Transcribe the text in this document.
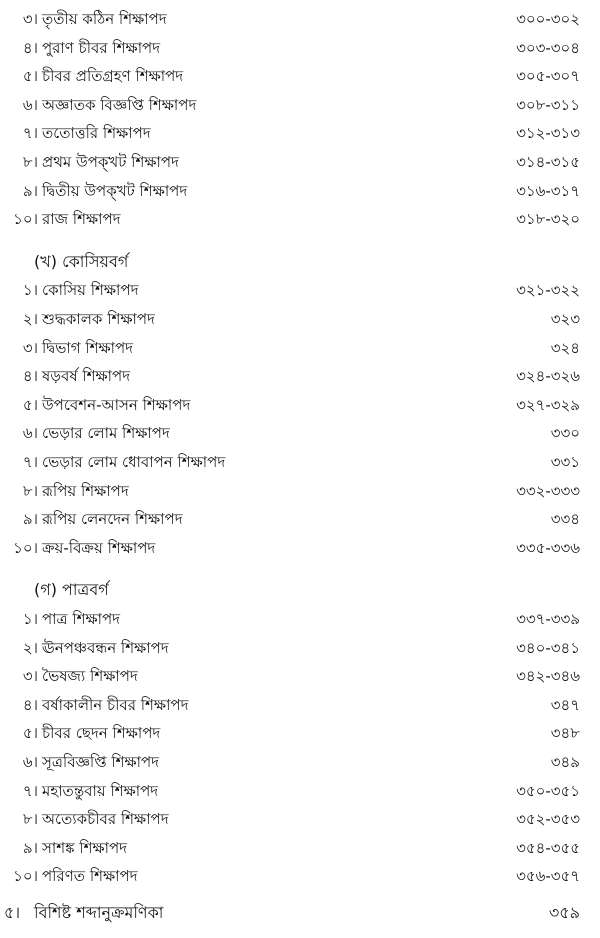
৩। তৃতীয় কঠিন শিক্ষাপদ	৩০০-৩০২
৪। পুরাণ চীবর শিক্ষাপদ	৩০৩-৩০৪
৫। চীবর প্রতিগ্রহণ শিক্ষাপদ	৩০৫-৩০৭
৬। অজ্ঞাতক বিজ্ঞপ্তি শিক্ষাপদ	৩০৮-৩১১
৭। ততোত্তরি শিক্ষাপদ	৩১২-৩১৩
৮। প্রথম উপক্খট শিক্ষাপদ	৩১৪-৩১৫
৯। দ্বিতীয় উপক্খট শিক্ষাপদ	৩১৬-৩১৭
১০। রাজ শিক্ষাপদ	৩১৮-৩২০
(খ) কোসিয়বর্গ
১। কোসিয় শিক্ষাপদ	৩২১-৩২২
২। শুদ্ধকালক শিক্ষাপদ	৩২৩
৩। দ্বিভাগ শিক্ষাপদ	৩২৪
৪। ষড়বর্ষ শিক্ষাপদ	৩২৪-৩২৬
৫। উপবেশন-আসন শিক্ষাপদ	৩২৭-৩২৯
৬। ভেড়ার লোম শিক্ষাপদ	৩৩০
৭। ভেড়ার লোম ধোবাপন শিক্ষাপদ	৩৩১
৮। রূপিয় শিক্ষাপদ	৩৩২-৩৩৩
৯। রূপিয় লেনদেন শিক্ষাপদ	৩৩৪
১০। ক্রয়-বিক্রয় শিক্ষাপদ	৩৩৫-৩৩৬
(গ) পাত্রবর্গ
১। পাত্র শিক্ষাপদ	৩৩৭-৩৩৯
২। ঊনপঞ্চবন্ধন শিক্ষাপদ	৩৪০-৩৪১
৩। ভৈষজ্য শিক্ষাপদ	৩৪২-৩৪৬
৪। বর্ষাকালীন চীবর শিক্ষাপদ	৩৪৭
৫। চীবর ছেদন শিক্ষাপদ	৩৪৮
৬। সূত্রবিজ্ঞপ্তি শিক্ষাপদ	৩৪৯
৭। মহাতন্তুবায় শিক্ষাপদ	৩৫০-৩৫১
৮। অত্যেকচীবর শিক্ষাপদ	৩৫২-৩৫৩
৯। সাশঙ্ক শিক্ষাপদ	৩৫৪-৩৫৫
১০। পরিণত শিক্ষাপদ	৩৫৬-৩৫৭
৫। বিশিষ্ট শব্দানুক্রমণিকা	৩৫৯
